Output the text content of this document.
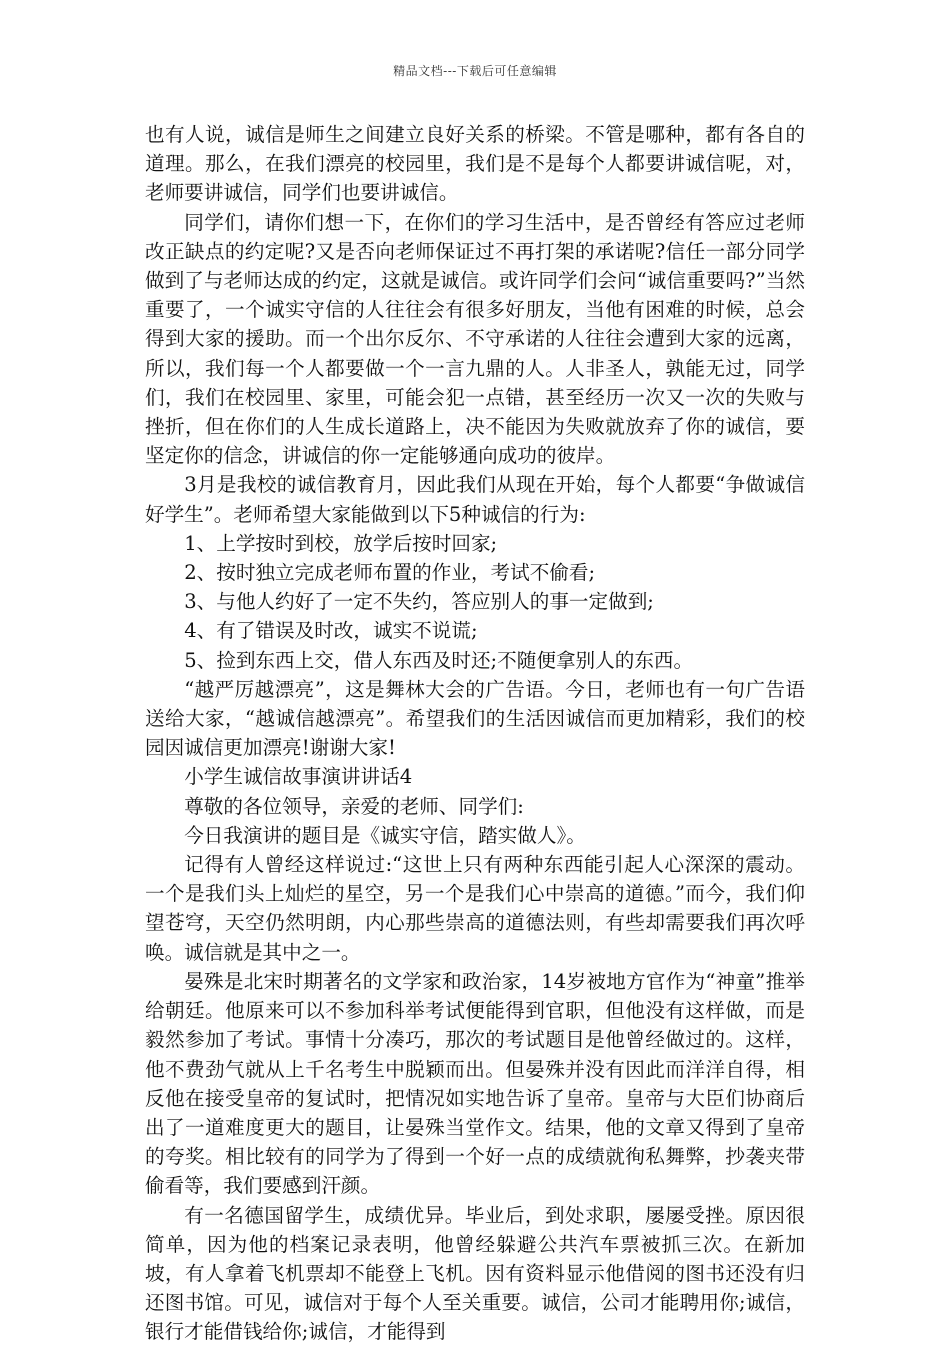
精品文档---下载后可任意编辑

也有人说，诚信是师生之间建立良好关系的桥梁。不管是哪种，都有各自的道理。那么，在我们漂亮的校园里，我们是不是每个人都要讲诚信呢，对，老师要讲诚信，同学们也要讲诚信。

同学们，请你们想一下，在你们的学习生活中，是否曾经有答应过老师改正缺点的约定呢?又是否向老师保证过不再打架的承诺呢?信任一部分同学做到了与老师达成的约定，这就是诚信。或许同学们会问“诚信重要吗?”当然重要了，一个诚实守信的人往往会有很多好朋友，当他有困难的时候，总会得到大家的援助。而一个出尔反尔、不守承诺的人往往会遭到大家的远离，所以，我们每一个人都要做一个一言九鼎的人。人非圣人，孰能无过，同学们，我们在校园里、家里，可能会犯一点错，甚至经历一次又一次的失败与挫折，但在你们的人生成长道路上，决不能因为失败就放弃了你的诚信，要坚定你的信念，讲诚信的你一定能够通向成功的彼岸。

3月是我校的诚信教育月，因此我们从现在开始，每个人都要“争做诚信好学生”。老师希望大家能做到以下5种诚信的行为:

1、上学按时到校，放学后按时回家;

2、按时独立完成老师布置的作业，考试不偷看;

3、与他人约好了一定不失约，答应别人的事一定做到;

4、有了错误及时改，诚实不说谎;

5、捡到东西上交，借人东西及时还;不随便拿别人的东西。

“越严厉越漂亮”，这是舞林大会的广告语。今日，老师也有一句广告语送给大家，“越诚信越漂亮”。希望我们的生活因诚信而更加精彩，我们的校园因诚信更加漂亮!谢谢大家!

小学生诚信故事演讲讲话4

尊敬的各位领导，亲爱的老师、同学们:

今日我演讲的题目是《诚实守信，踏实做人》。

记得有人曾经这样说过:“这世上只有两种东西能引起人心深深的震动。一个是我们头上灿烂的星空，另一个是我们心中崇高的道德。”而今，我们仰望苍穹，天空仍然明朗，内心那些崇高的道德法则，有些却需要我们再次呼唤。诚信就是其中之一。

晏殊是北宋时期著名的文学家和政治家，14岁被地方官作为“神童”推举给朝廷。他原来可以不参加科举考试便能得到官职，但他没有这样做，而是毅然参加了考试。事情十分凑巧，那次的考试题目是他曾经做过的。这样，他不费劲气就从上千名考生中脱颖而出。但晏殊并没有因此而洋洋自得，相反他在接受皇帝的复试时，把情况如实地告诉了皇帝。皇帝与大臣们协商后出了一道难度更大的题目，让晏殊当堂作文。结果，他的文章又得到了皇帝的夸奖。相比较有的同学为了得到一个好一点的成绩就徇私舞弊，抄袭夹带偷看等，我们要感到汗颜。

有一名德国留学生，成绩优异。毕业后，到处求职，屡屡受挫。原因很简单，因为他的档案记录表明，他曾经躲避公共汽车票被抓三次。在新加坡，有人拿着飞机票却不能登上飞机。因有资料显示他借阅的图书还没有归还图书馆。可见，诚信对于每个人至关重要。诚信，公司才能聘用你;诚信，银行才能借钱给你;诚信，才能得到
